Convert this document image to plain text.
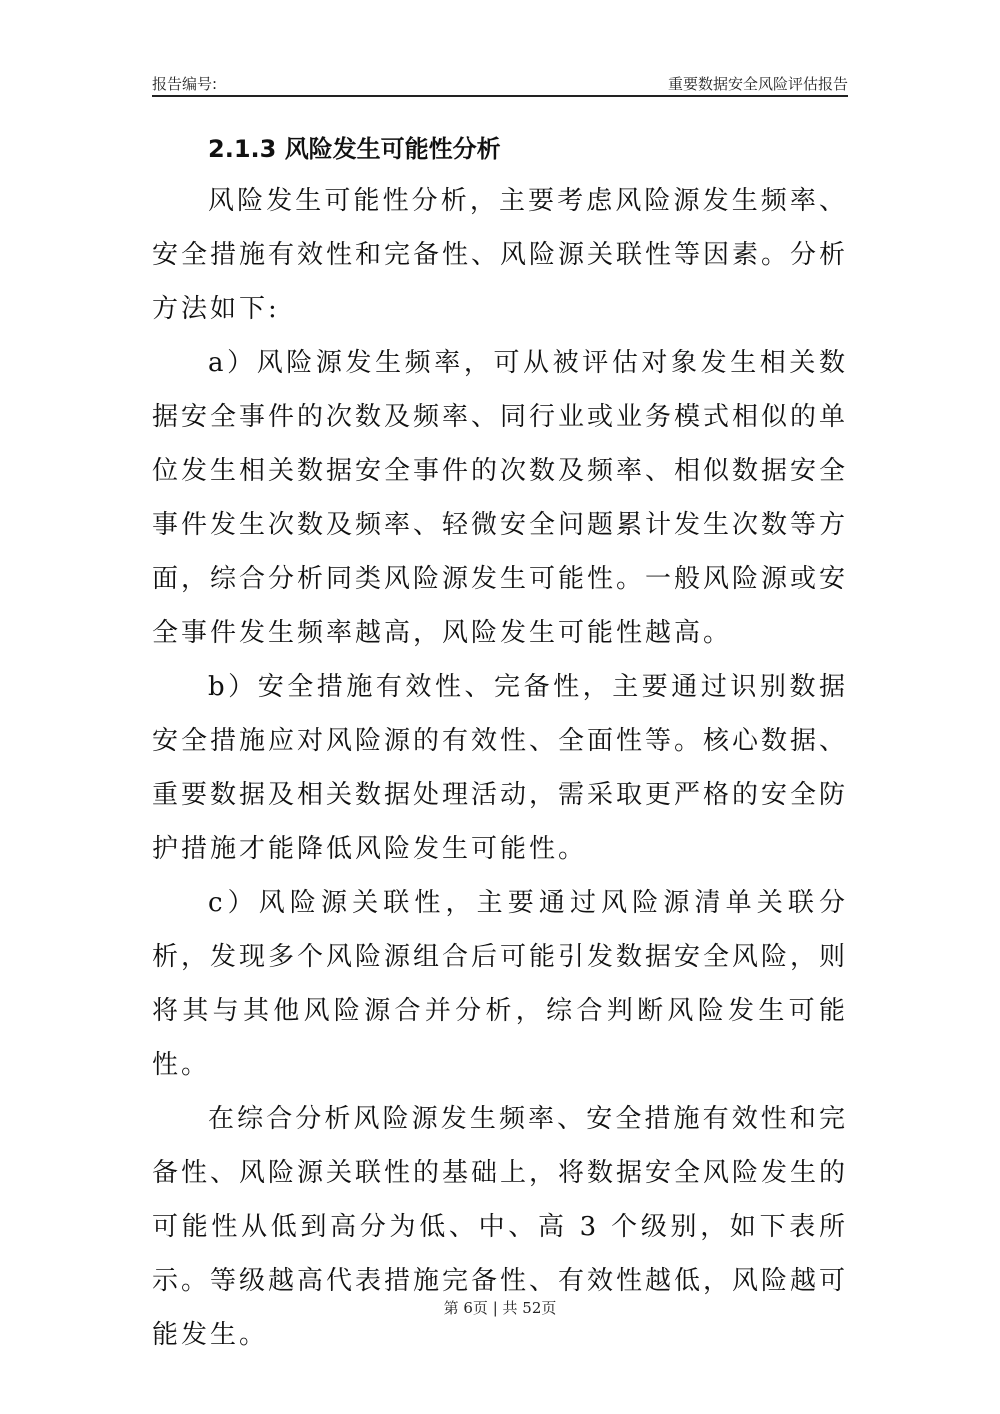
报告编号:	重要数据安全风险评估报告
2.1.3 风险发生可能性分析

风险发生可能性分析，主要考虑风险源发生频率、安全措施有效性和完备性、风险源关联性等因素。分析方法如下:

a）风险源发生频率，可从被评估对象发生相关数据安全事件的次数及频率、同行业或业务模式相似的单位发生相关数据安全事件的次数及频率、相似数据安全事件发生次数及频率、轻微安全问题累计发生次数等方面，综合分析同类风险源发生可能性。一般风险源或安全事件发生频率越高，风险发生可能性越高。

b）安全措施有效性、完备性，主要通过识别数据安全措施应对风险源的有效性、全面性等。核心数据、重要数据及相关数据处理活动，需采取更严格的安全防护措施才能降低风险发生可能性。

c）风险源关联性，主要通过风险源清单关联分析，发现多个风险源组合后可能引发数据安全风险，则将其与其他风险源合并分析，综合判断风险发生可能性。

在综合分析风险源发生频率、安全措施有效性和完备性、风险源关联性的基础上，将数据安全风险发生的可能性从低到高分为低、中、高 3 个级别，如下表所示。等级越高代表措施完备性、有效性越低，风险越可能发生。

第 6页 | 共 52页
